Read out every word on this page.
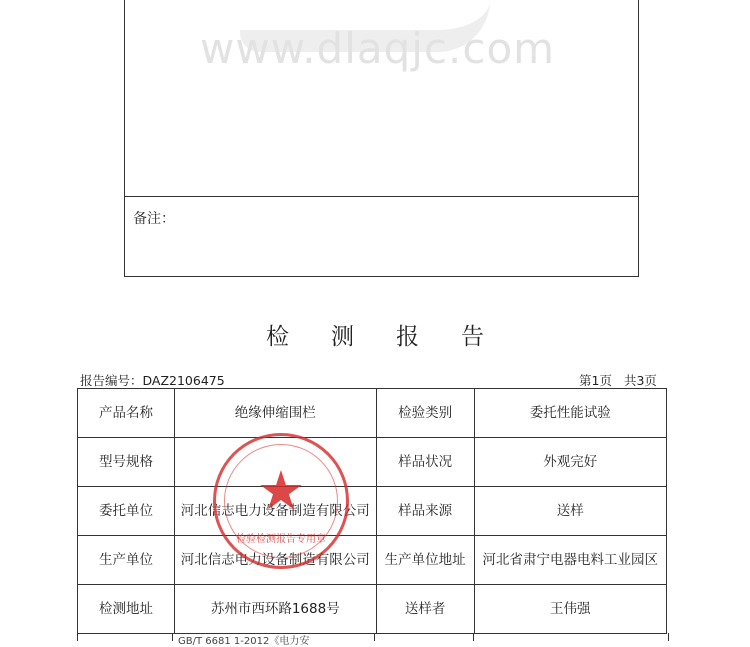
www.dlaqjc.com
备注：
检测报告
报告编号：DAZ2106475	第1页 共3页
产品名称	绝缘伸缩围栏	检验类别	委托性能试验
型号规格		样品状况	外观完好
委托单位	河北信志电力设备制造有限公司	样品来源	送样
生产单位	河北信志电力设备制造有限公司	生产单位地址	河北省肃宁电器电料工业园区
检测地址	苏州市西环路1688号	送样者	王伟强
GB/T 6681 1-2012《电力安
★
检验检测报告专用章
